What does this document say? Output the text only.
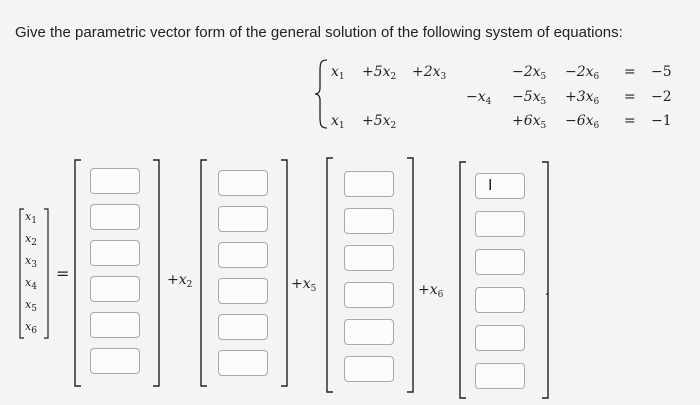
Give the parametric vector form of the general solution of the following system of equations:
$x_1 +5x_2 +2x_3$	$-2x_5 -2x_6 = -5$
$-x_4 -5x_5 +3x_6 = -2$
$x_1 +5x_2$	$+6x_5 -6x_6 = -1$
$x_1$
$x_2$
$x_3$
$x_4$
$x_5$
$x_6$
=	$+x_2$	$+x_5$	$+x_6$	.
I
